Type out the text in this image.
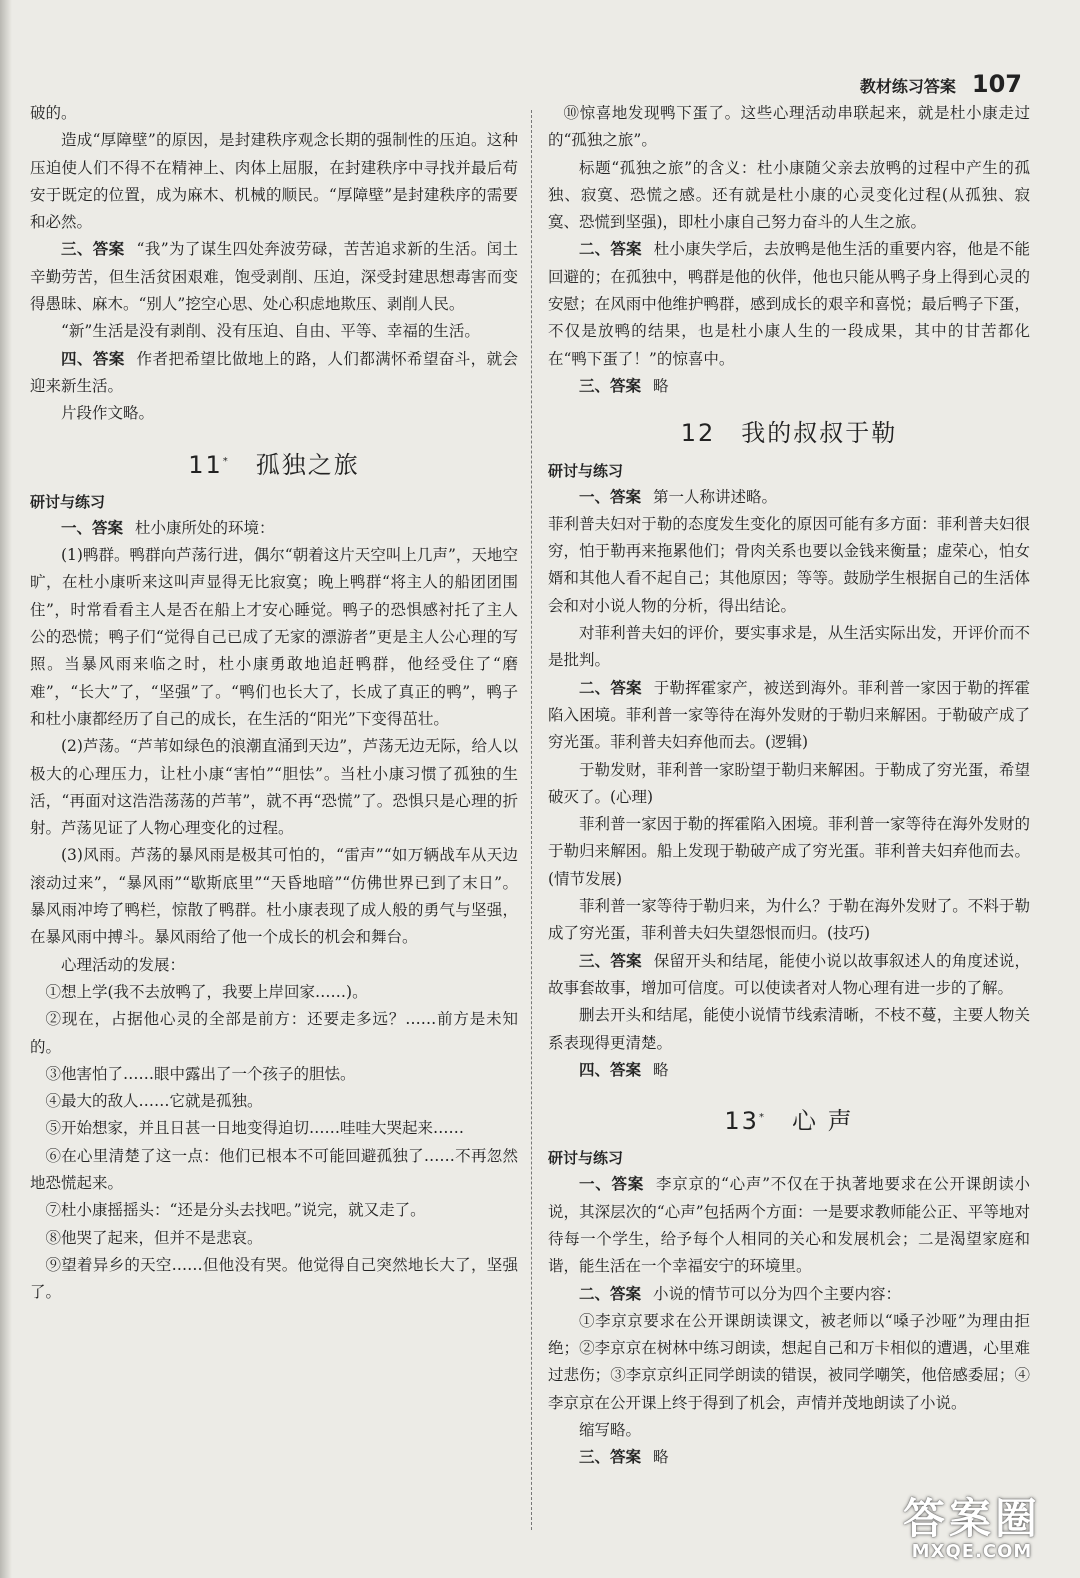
教材练习答案 107

破的。

造成“厚障壁”的原因，是封建秩序观念长期的强制性的压迫。这种压迫使人们不得不在精神上、肉体上屈服，在封建秩序中寻找并最后苟安于既定的位置，成为麻木、机械的顺民。“厚障壁”是封建秩序的需要和必然。

三、答案 “我”为了谋生四处奔波劳碌，苦苦追求新的生活。闰土辛勤劳苦，但生活贫困艰难，饱受剥削、压迫，深受封建思想毒害而变得愚昧、麻木。“别人”挖空心思、处心积虑地欺压、剥削人民。

“新”生活是没有剥削、没有压迫、自由、平等、幸福的生活。

四、答案 作者把希望比做地上的路，人们都满怀希望奋斗，就会迎来新生活。

片段作文略。

11* 孤独之旅

研讨与练习

一、答案 杜小康所处的环境：

(1)鸭群。鸭群向芦荡行进，偶尔“朝着这片天空叫上几声”，天地空旷，在杜小康听来这叫声显得无比寂寞；晚上鸭群“将主人的船团团围住”，时常看看主人是否在船上才安心睡觉。鸭子的恐惧感衬托了主人公的恐慌；鸭子们“觉得自己已成了无家的漂游者”更是主人公心理的写照。当暴风雨来临之时，杜小康勇敢地追赶鸭群，他经受住了“磨难”，“长大”了，“坚强”了。“鸭们也长大了，长成了真正的鸭”，鸭子和杜小康都经历了自己的成长，在生活的“阳光”下变得茁壮。

(2)芦荡。“芦苇如绿色的浪潮直涌到天边”，芦荡无边无际，给人以极大的心理压力，让杜小康“害怕”“胆怯”。当杜小康习惯了孤独的生活，“再面对这浩浩荡荡的芦苇”，就不再“恐慌”了。恐惧只是心理的折射。芦荡见证了人物心理变化的过程。

(3)风雨。芦荡的暴风雨是极其可怕的，“雷声”“如万辆战车从天边滚动过来”，“暴风雨”“歇斯底里”“天昏地暗”“仿佛世界已到了末日”。暴风雨冲垮了鸭栏，惊散了鸭群。杜小康表现了成人般的勇气与坚强，在暴风雨中搏斗。暴风雨给了他一个成长的机会和舞台。

心理活动的发展：

①想上学(我不去放鸭了，我要上岸回家……)。

②现在，占据他心灵的全部是前方：还要走多远？……前方是未知的。

③他害怕了……眼中露出了一个孩子的胆怯。

④最大的敌人……它就是孤独。

⑤开始想家，并且日甚一日地变得迫切……哇哇大哭起来……

⑥在心里清楚了这一点：他们已根本不可能回避孤独了……不再忽然地恐慌起来。

⑦杜小康摇摇头：“还是分头去找吧。”说完，就又走了。

⑧他哭了起来，但并不是悲哀。

⑨望着异乡的天空……但他没有哭。他觉得自己突然地长大了，坚强了。

⑩惊喜地发现鸭下蛋了。这些心理活动串联起来，就是杜小康走过的“孤独之旅”。

标题“孤独之旅”的含义：杜小康随父亲去放鸭的过程中产生的孤独、寂寞、恐慌之感。还有就是杜小康的心灵变化过程(从孤独、寂寞、恐慌到坚强)，即杜小康自己努力奋斗的人生之旅。

二、答案 杜小康失学后，去放鸭是他生活的重要内容，他是不能回避的；在孤独中，鸭群是他的伙伴，他也只能从鸭子身上得到心灵的安慰；在风雨中他维护鸭群，感到成长的艰辛和喜悦；最后鸭子下蛋，不仅是放鸭的结果，也是杜小康人生的一段成果，其中的甘苦都化在“鸭下蛋了！”的惊喜中。

三、答案 略

12 我的叔叔于勒

研讨与练习

一、答案 第一人称讲述略。

菲利普夫妇对于勒的态度发生变化的原因可能有多方面：菲利普夫妇很穷，怕于勒再来拖累他们；骨肉关系也要以金钱来衡量；虚荣心，怕女婿和其他人看不起自己；其他原因；等等。鼓励学生根据自己的生活体会和对小说人物的分析，得出结论。

对菲利普夫妇的评价，要实事求是，从生活实际出发，开评价而不是批判。

二、答案 于勒挥霍家产，被送到海外。菲利普一家因于勒的挥霍陷入困境。菲利普一家等待在海外发财的于勒归来解困。于勒破产成了穷光蛋。菲利普夫妇弃他而去。(逻辑)

于勒发财，菲利普一家盼望于勒归来解困。于勒成了穷光蛋，希望破灭了。(心理)

菲利普一家因于勒的挥霍陷入困境。菲利普一家等待在海外发财的于勒归来解困。船上发现于勒破产成了穷光蛋。菲利普夫妇弃他而去。(情节发展)

菲利普一家等待于勒归来，为什么？于勒在海外发财了。不料于勒成了穷光蛋，菲利普夫妇失望怨恨而归。(技巧)

三、答案 保留开头和结尾，能使小说以故事叙述人的角度述说，故事套故事，增加可信度。可以使读者对人物心理有进一步的了解。

删去开头和结尾，能使小说情节线索清晰，不枝不蔓，主要人物关系表现得更清楚。

四、答案 略

13* 心 声

研讨与练习

一、答案 李京京的“心声”不仅在于执著地要求在公开课朗读小说，其深层次的“心声”包括两个方面：一是要求教师能公正、平等地对待每一个学生，给予每个人相同的关心和发展机会；二是渴望家庭和谐，能生活在一个幸福安宁的环境里。

二、答案 小说的情节可以分为四个主要内容：

①李京京要求在公开课朗读课文，被老师以“嗓子沙哑”为理由拒绝；②李京京在树林中练习朗读，想起自己和万卡相似的遭遇，心里难过悲伤；③李京京纠正同学朗读的错误，被同学嘲笑，他倍感委屈；④李京京在公开课上终于得到了机会，声情并茂地朗读了小说。

缩写略。

三、答案 略

答案圈
MXQE.COM
